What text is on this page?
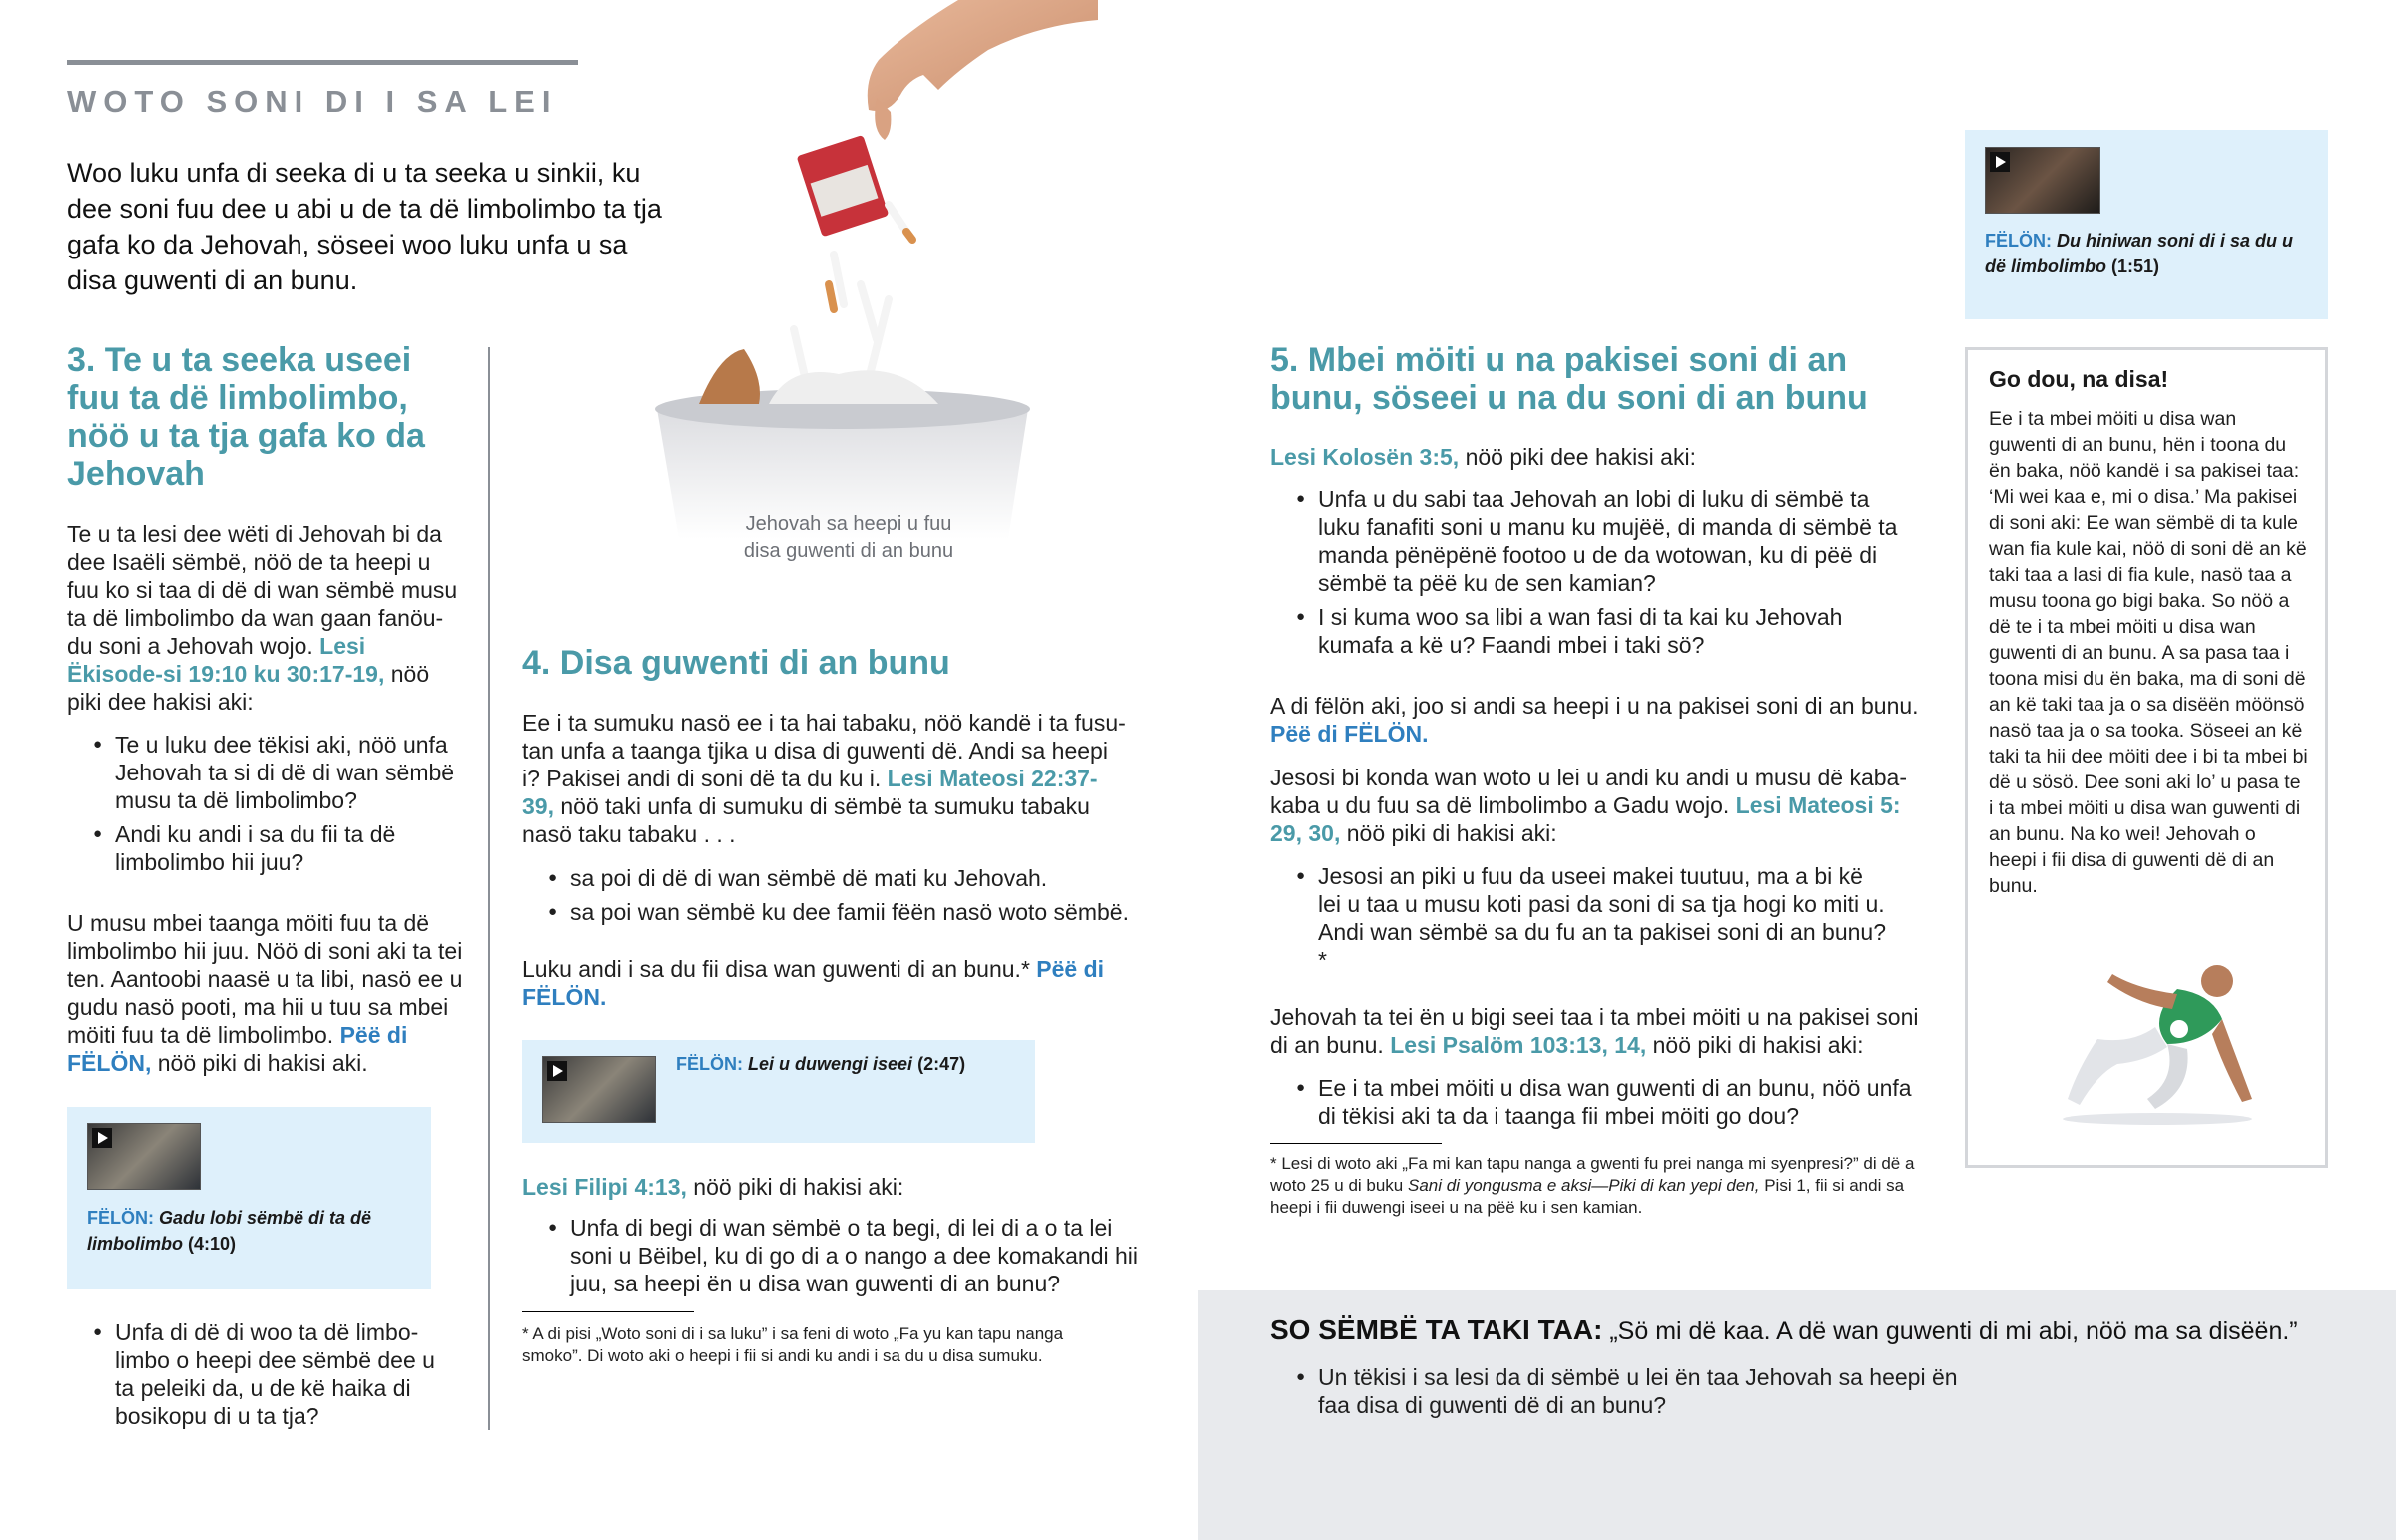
WOTO SONI DI I SA LEI
Woo luku unfa di seeka di u ta seeka u sinkii, ku dee soni fuu dee u abi u de ta dë limbolimbo ta tja gafa ko da Jehovah, söseei woo luku unfa u sa disa guwenti di an bunu.
Jehovah sa heepi u fuu
disa guwenti di an bunu
3. Te u ta seeka useei fuu ta dë limbolimbo, nöö u ta tja gafa ko da Jehovah
Te u ta lesi dee wëti di Jehovah bi da dee Isaëli sëmbë, nöö de ta heepi u fuu ko si taa di dë di wan sëmbë musu ta dë limbolimbo da wan gaan fanöu-du soni a Jehovah wojo. Lesi Ëkisode-si 19:10 ku 30:17-19, nöö piki dee hakisi aki:
● Te u luku dee tëkisi aki, nöö unfa Jehovah ta si di dë di wan sëmbë musu ta dë limbolimbo?
● Andi ku andi i sa du fii ta dë limbolimbo hii juu?
U musu mbei taanga möiti fuu ta dë limbolimbo hii juu. Nöö di soni aki ta tei ten. Aantoobi naasë u ta libi, nasö ee u gudu nasö pooti, ma hii u tuu sa mbei möiti fuu ta dë limbolimbo. Pëë di FËLÖN, nöö piki di hakisi aki.
FËLÖN: Gadu lobi sëmbë di ta dë limbolimbo (4:10)
● Unfa di dë di woo ta dë limbo-limbo o heepi dee sëmbë dee u ta peleiki da, u de kë haika di bosikopu di u ta tja?
4. Disa guwenti di an bunu
Ee i ta sumuku nasö ee i ta hai tabaku, nöö kandë i ta fusu-tan unfa a taanga tjika u disa di guwenti dë. Andi sa heepi i? Pakisei andi di soni dë ta du ku i. Lesi Mateosi 22:37-39, nöö taki unfa di sumuku di sëmbë ta sumuku tabaku nasö taku tabaku . . .
● sa poi di dë di wan sëmbë dë mati ku Jehovah.
● sa poi wan sëmbë ku dee famii fëën nasö woto sëmbë.
Luku andi i sa du fii disa wan guwenti di an bunu.* Pëë di FËLÖN.
FËLÖN: Lei u duwengi iseei (2:47)
Lesi Filipi 4:13, nöö piki di hakisi aki:
● Unfa di begi di wan sëmbë o ta begi, di lei di a o ta lei soni u Bëibel, ku di go di a o nango a dee komakandi hii juu, sa heepi ën u disa wan guwenti di an bunu?
* A di pisi „Woto soni di i sa luku” i sa feni di woto „Fa yu kan tapu nanga smoko”. Di woto aki o heepi i fii si andi ku andi i sa du u disa sumuku.
5. Mbei möiti u na pakisei soni di an bunu, söseei u na du soni di an bunu
Lesi Kolosën 3:5, nöö piki dee hakisi aki:
● Unfa u du sabi taa Jehovah an lobi di luku di sëmbë ta luku fanafiti soni u manu ku mujëë, di manda di sëmbë ta manda pënëpënë footoo u de da wotowan, ku di pëë di sëmbë ta pëë ku de sen kamian?
● I si kuma woo sa libi a wan fasi di ta kai ku Jehovah kumafa a kë u? Faandi mbei i taki sö?
A di fëlön aki, joo si andi sa heepi i u na pakisei soni di an bunu. Pëë di FËLÖN.
Jesosi bi konda wan woto u lei u andi ku andi u musu dë kaba-kaba u du fuu sa dë limbolimbo a Gadu wojo. Lesi Mateosi 5: 29, 30, nöö piki di hakisi aki:
● Jesosi an piki u fuu da useei makei tuutuu, ma a bi kë lei u taa u musu koti pasi da soni di sa tja hogi ko miti u. Andi wan sëmbë sa du fu an ta pakisei soni di an bunu?*
Jehovah ta tei ën u bigi seei taa i ta mbei möiti u na pakisei soni di an bunu. Lesi Psalöm 103:13, 14, nöö piki di hakisi aki:
● Ee i ta mbei möiti u disa wan guwenti di an bunu, nöö unfa di tëkisi aki ta da i taanga fii mbei möiti go dou?
* Lesi di woto aki „Fa mi kan tapu nanga a gwenti fu prei nanga mi syenpresi?” di dë a woto 25 u di buku Sani di yongusma e aksi—Piki di kan yepi den, Pisi 1, fii si andi sa heepi i fii duwengi iseei u na pëë ku i sen kamian.
FËLÖN: Du hiniwan soni di i sa du u dë limbolimbo (1:51)
Go dou, na disa!
Ee i ta mbei möiti u disa wan guwenti di an bunu, hën i toona du ën baka, nöö kandë i sa pakisei taa: ‘Mi wei kaa e, mi o disa.’ Ma pakisei di soni aki: Ee wan sëmbë di ta kule wan fia kule kai, nöö di soni dë an kë taki taa a lasi di fia kule, nasö taa a musu toona go bigi baka. So nöö a dë te i ta mbei möiti u disa wan guwenti di an bunu. A sa pasa taa i toona misi du ën baka, ma di soni dë an kë taki taa ja o sa disëën möönsö nasö taa ja o sa tooka. Söseei an kë taki ta hii dee möiti dee i bi ta mbei bi dë u sösö. Dee soni aki lo’ u pasa te i ta mbei möiti u disa wan guwenti di an bunu. Na ko wei! Jehovah o heepi i fii disa di guwenti dë di an bunu.
SO SËMBË TA TAKI TAA: „Sö mi dë kaa. A dë wan guwenti di mi abi, nöö ma sa disëën.”
● Un tëkisi i sa lesi da di sëmbë u lei ën taa Jehovah sa heepi ën faa disa di guwenti dë di an bunu?
